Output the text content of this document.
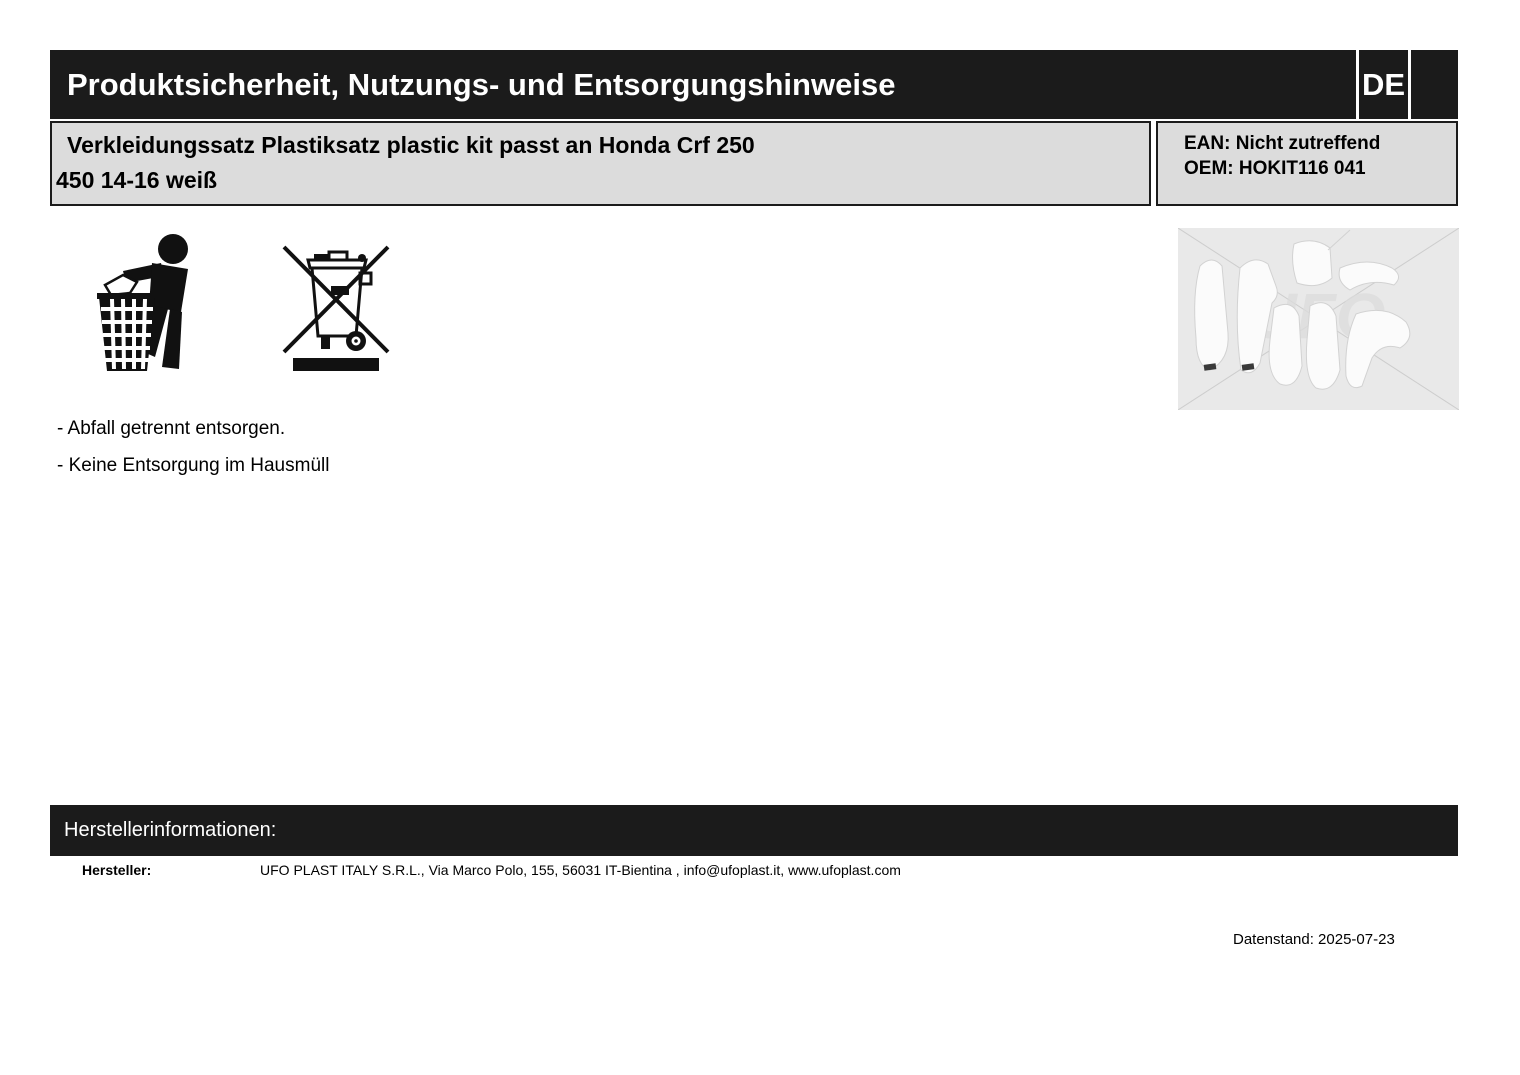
Produktsicherheit, Nutzungs- und Entsorgungshinweise	DE
Verkleidungssatz Plastiksatz plastic kit passt an Honda Crf 250
450 14-16 weiß
EAN: Nicht zutreffend
OEM: HOKIT116 041
- Abfall getrennt entsorgen.
- Keine Entsorgung im Hausmüll
Herstellerinformationen:
Hersteller:	UFO PLAST ITALY S.R.L., Via Marco Polo, 155, 56031 IT-Bientina , info@ufoplast.it, www.ufoplast.com
Datenstand: 2025-07-23
